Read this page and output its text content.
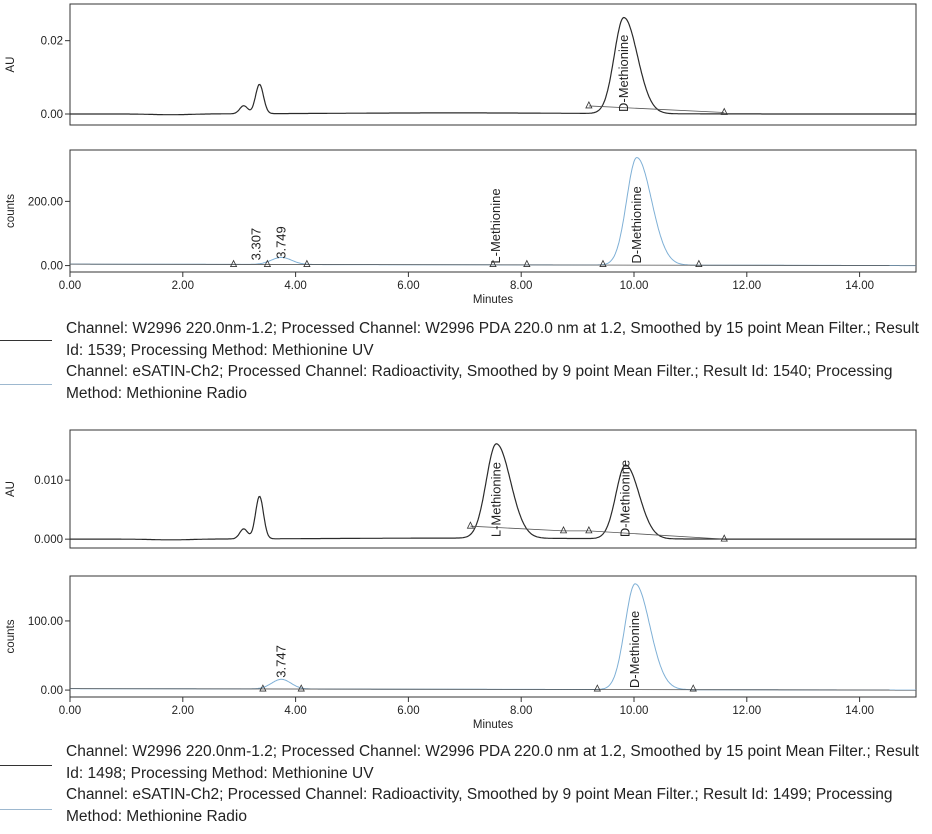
0.00
0.02
AU	D-Methionine
0.00
200.00
counts
0.00	2.00	4.00	6.00	8.00	10.00	12.00	14.00
Minutes
3.307 3.749	L-Methionine	D-Methionine
0.000
0.010
AU	L-Methionine	D-Methionine
0.00
100.00
counts
0.00	2.00	4.00	6.00	8.00	10.00	12.00	14.00
Minutes
3.747	D-Methionine

Channel: W2996 220.0nm-1.2; Processed Channel: W2996 PDA 220.0 nm at 1.2, Smoothed by 15 point Mean Filter.; Result Id: 1539; Processing Method: Methionine UV

Channel: eSATIN-Ch2; Processed Channel: Radioactivity, Smoothed by 9 point Mean Filter.; Result Id: 1540; Processing Method: Methionine Radio

Channel: W2996 220.0nm-1.2; Processed Channel: W2996 PDA 220.0 nm at 1.2, Smoothed by 15 point Mean Filter.; Result Id: 1498; Processing Method: Methionine UV

Channel: eSATIN-Ch2; Processed Channel: Radioactivity, Smoothed by 9 point Mean Filter.; Result Id: 1499; Processing Method: Methionine Radio
